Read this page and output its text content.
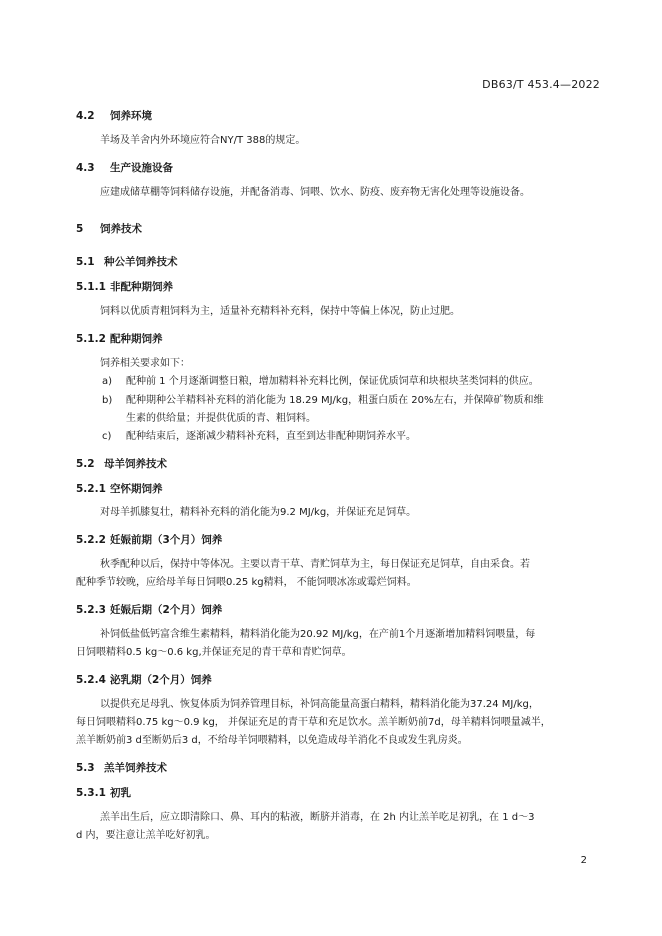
DB63/T 453.4—2022
4.2 饲养环境
羊场及羊舍内外环境应符合NY/T 388的规定。
4.3 生产设施设备
应建成储草棚等饲料储存设施，并配备消毒、饲喂、饮水、防疫、废弃物无害化处理等设施设备。
5 饲养技术
5.1 种公羊饲养技术
5.1.1 非配种期饲养
饲料以优质青粗饲料为主，适量补充精料补充料，保持中等偏上体况，防止过肥。
5.1.2 配种期饲养
饲养相关要求如下：
a) 配种前 1 个月逐渐调整日粮，增加精料补充料比例，保证优质饲草和块根块茎类饲料的供应。
b) 配种期种公羊精料补充料的消化能为 18.29 MJ/kg，粗蛋白质在 20%左右，并保障矿物质和维
生素的供给量；并提供优质的青、粗饲料。
c) 配种结束后，逐渐减少精料补充料，直至到达非配种期饲养水平。
5.2 母羊饲养技术
5.2.1 空怀期饲养
对母羊抓膝复壮，精料补充料的消化能为9.2 MJ/kg，并保证充足饲草。
5.2.2 妊娠前期（3个月）饲养
秋季配种以后，保持中等体况。主要以青干草、青贮饲草为主，每日保证充足饲草，自由采食。若
配种季节较晚，应给母羊每日饲喂0.25 kg精料， 不能饲喂冰冻或霉烂饲料。
5.2.3 妊娠后期（2个月）饲养
补饲低盐低钙富含维生素精料，精料消化能为20.92 MJ/kg，在产前1个月逐渐增加精料饲喂量，每
日饲喂精料0.5 kg～0.6 kg,并保证充足的青干草和青贮饲草。
5.2.4 泌乳期（2个月）饲养
以提供充足母乳、恢复体质为饲养管理目标，补饲高能量高蛋白精料，精料消化能为37.24 MJ/kg，
每日饲喂精料0.75 kg～0.9 kg， 并保证充足的青干草和充足饮水。羔羊断奶前7d，母羊精料饲喂量减半，
羔羊断奶前3 d至断奶后3 d，不给母羊饲喂精料，以免造成母羊消化不良或发生乳房炎。
5.3 羔羊饲养技术
5.3.1 初乳
羔羊出生后，应立即清除口、鼻、耳内的粘液，断脐并消毒，在 2h 内让羔羊吃足初乳，在 1 d～3
d 内，要注意让羔羊吃好初乳。
2
